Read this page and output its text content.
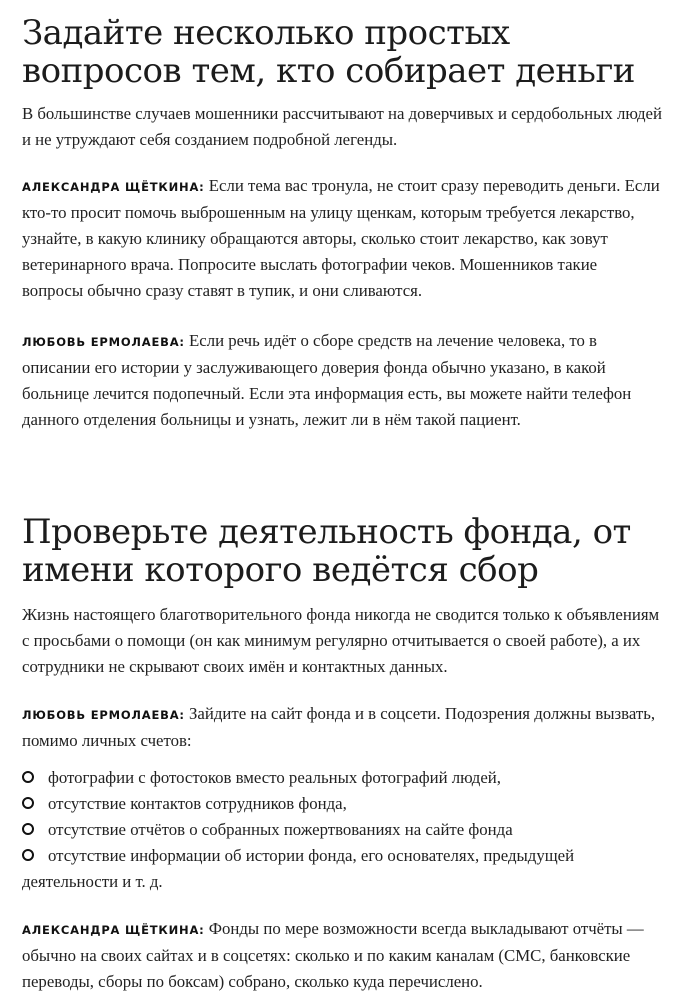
Задайте несколько простых вопросов тем, кто собирает деньги

В большинстве случаев мошенники рассчитывают на доверчивых и сердобольных людей и не утруждают себя созданием подробной легенды.

АЛЕКСАНДРА ЩЁТКИНА: Если тема вас тронула, не стоит сразу переводить деньги. Если кто-то просит помочь выброшенным на улицу щенкам, которым требуется лекарство, узнайте, в какую клинику обращаются авторы, сколько стоит лекарство, как зовут ветеринарного врача. Попросите выслать фотографии чеков. Мошенников такие вопросы обычно сразу ставят в тупик, и они сливаются.

ЛЮБОВЬ ЕРМОЛАЕВА: Если речь идёт о сборе средств на лечение человека, то в описании его истории у заслуживающего доверия фонда обычно указано, в какой больнице лечится подопечный. Если эта информация есть, вы можете найти телефон данного отделения больницы и узнать, лежит ли в нём такой пациент.

Проверьте деятельность фонда, от имени которого ведётся сбор

Жизнь настоящего благотворительного фонда никогда не сводится только к объявлениям с просьбами о помощи (он как минимум регулярно отчитывается о своей работе), а их сотрудники не скрывают своих имён и контактных данных.

ЛЮБОВЬ ЕРМОЛАЕВА: Зайдите на сайт фонда и в соцсети. Подозрения должны вызвать, помимо личных счетов:

фотографии с фотостоков вместо реальных фотографий людей,
отсутствие контактов сотрудников фонда,
отсутствие отчётов о собранных пожертвованиях на сайте фонда
отсутствие информации об истории фонда, его основателях, предыдущей деятельности и т. д.

АЛЕКСАНДРА ЩЁТКИНА: Фонды по мере возможности всегда выкладывают отчёты — обычно на своих сайтах и в соцсетях: сколько и по каким каналам (СМС, банковские переводы, сборы по боксам) собрано, сколько куда перечислено.
